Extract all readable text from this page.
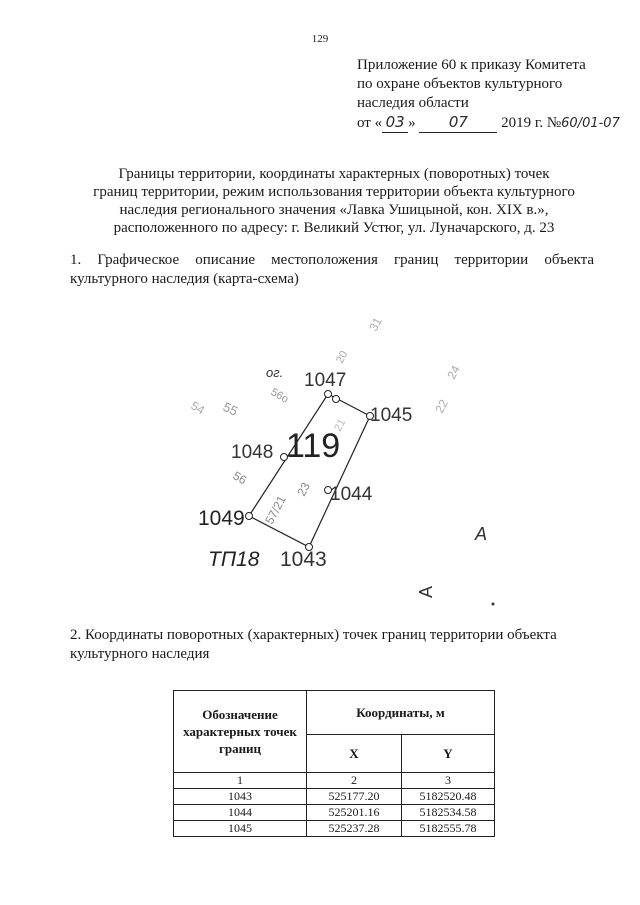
129
Приложение 60 к приказу Комитета
по охране объектов культурного
наследия области
от « 03 » 07 2019 г. №60/01-07
Границы территории, координаты характерных (поворотных) точек
границ территории, режим использования территории объекта культурного
наследия регионального значения «Лавка Ушицыной, кон. XIX в.»,
расположенного по адресу: г. Великий Устюг, ул. Луначарского, д. 23
1. Графическое описание местоположения границ территории объекта культурного наследия (карта-схема)
1047
1045
1048
1044
1049
1043
ТП18
119
ог.
56о
54 55
56
57/21
23
20
21
31
24
22
А
А
2. Координаты поворотных (характерных) точек границ территории объекта культурного наследия
Обозначение характерных точек границ	Координаты, м	
	X	Y
1	2	3
1043	525177.20	5182520.48
1044	525201.16	5182534.58
1045	525237.28	5182555.78
